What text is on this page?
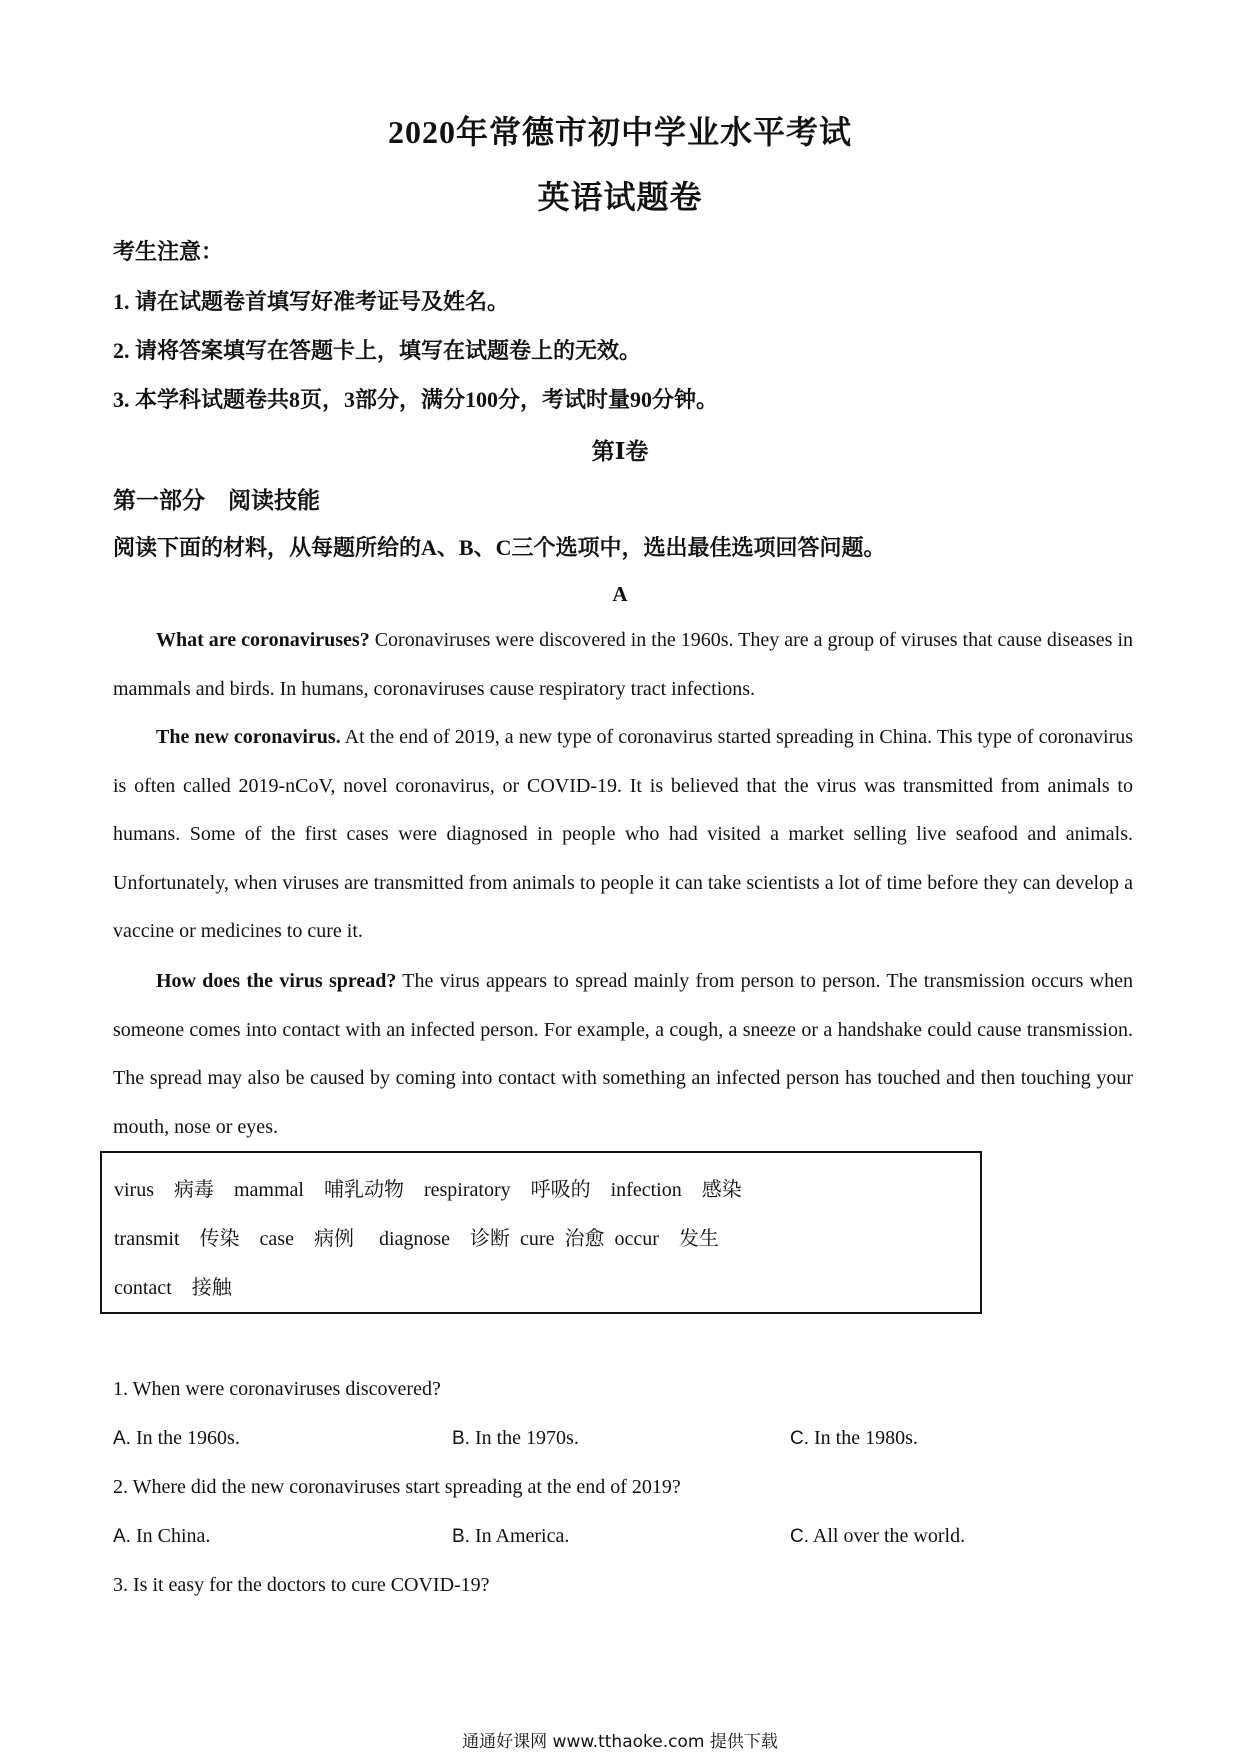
2020年常德市初中学业水平考试
英语试题卷
考生注意：
1. 请在试题卷首填写好准考证号及姓名。
2. 请将答案填写在答题卡上，填写在试题卷上的无效。
3. 本学科试题卷共8页，3部分，满分100分，考试时量90分钟。
第Ⅰ卷
第一部分　阅读技能
阅读下面的材料，从每题所给的A、B、C三个选项中，选出最佳选项回答问题。
A
What are coronaviruses? Coronaviruses were discovered in the 1960s. They are a group of viruses that cause diseases in mammals and birds. In humans, coronaviruses cause respiratory tract infections.
The new coronavirus. At the end of 2019, a new type of coronavirus started spreading in China. This type of coronavirus is often called 2019-nCoV, novel coronavirus, or COVID-19. It is believed that the virus was transmitted from animals to humans. Some of the first cases were diagnosed in people who had visited a market selling live seafood and animals. Unfortunately, when viruses are transmitted from animals to people it can take scientists a lot of time before they can develop a vaccine or medicines to cure it.
How does the virus spread? The virus appears to spread mainly from person to person. The transmission occurs when someone comes into contact with an infected person. For example, a cough, a sneeze or a handshake could cause transmission. The spread may also be caused by coming into contact with something an infected person has touched and then touching your mouth, nose or eyes.
virus    病毒    mammal    哺乳动物    respiratory    呼吸的    infection    感染
transmit    传染    case    病例     diagnose    诊断  cure  治愈  occur    发生
contact    接触
1. When were coronaviruses discovered?
A. In the 1960s.	B. In the 1970s.	C. In the 1980s.
2. Where did the new coronaviruses start spreading at the end of 2019?
A. In China.	B. In America.	C. All over the world.
3. Is it easy for the doctors to cure COVID-19?
通通好课网 www.tthaoke.com 提供下载
